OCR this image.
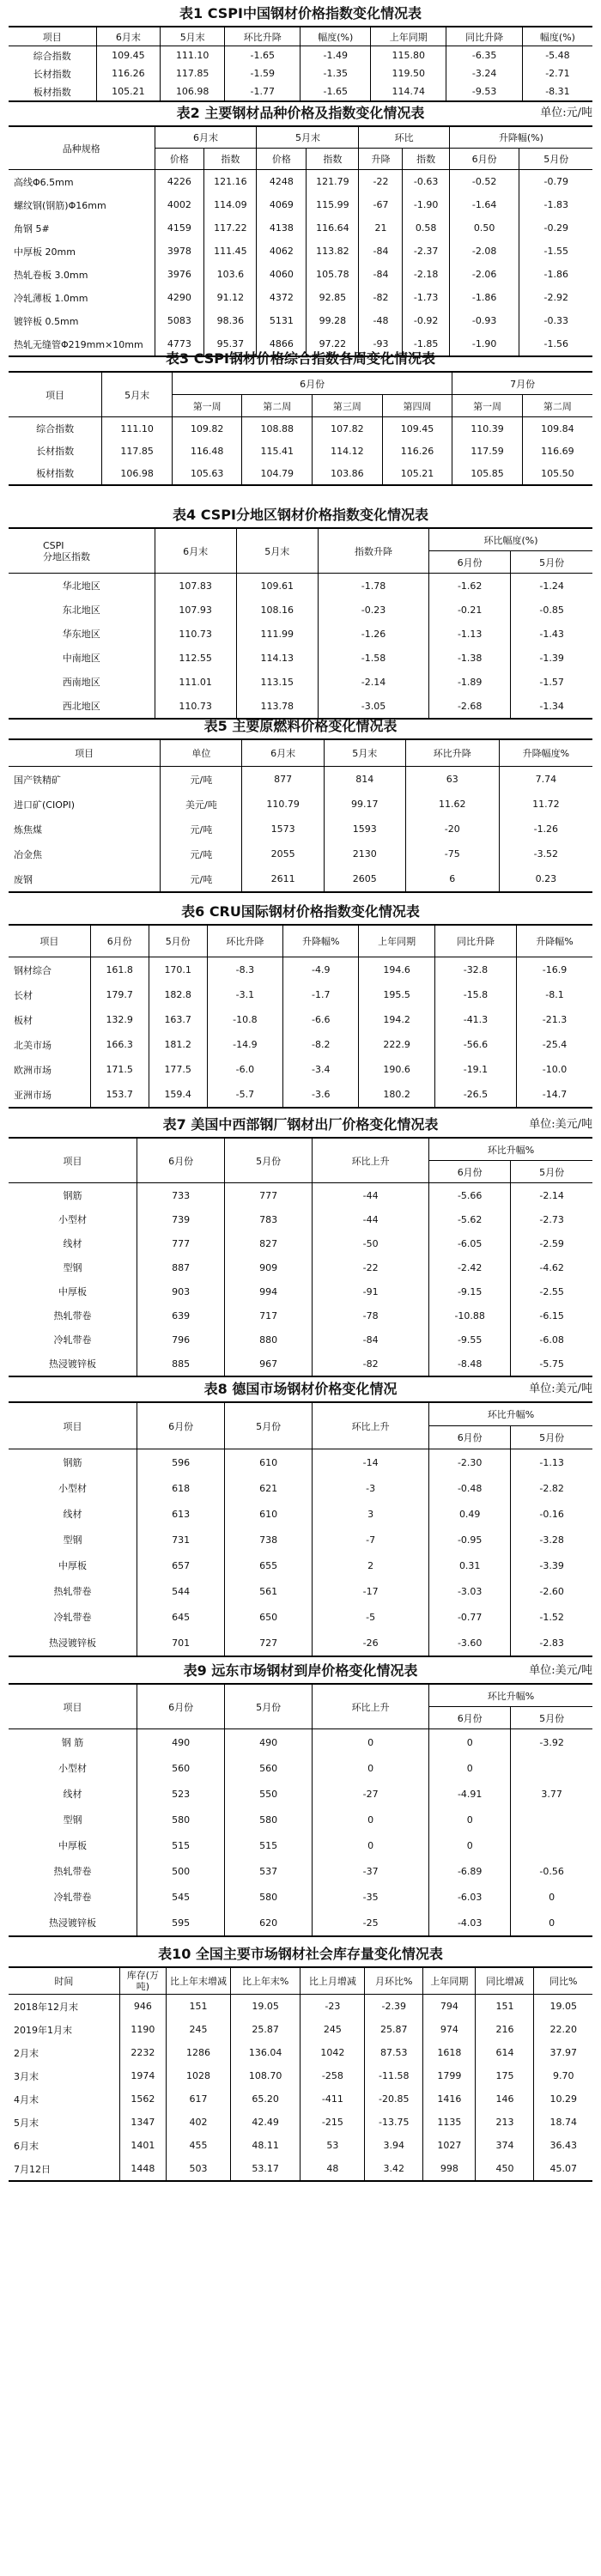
表1 CSPI中国钢材价格指数变化情况表
项目	6月末	5月末	环比升降	幅度(%)	上年同期	同比升降	幅度(%)
综合指数	109.45	111.10	-1.65	-1.49	115.80	-6.35	-5.48
长材指数	116.26	117.85	-1.59	-1.35	119.50	-3.24	-2.71
板材指数	105.21	106.98	-1.77	-1.65	114.74	-9.53	-8.31
表2 主要钢材品种价格及指数变化情况表	单位:元/吨
品种规格	6月末		5月末		环比		升降幅(%)	
	价格	指数	价格	指数	升降	指数	6月份	5月份
高线Φ6.5mm	4226	121.16	4248	121.79	-22	-0.63	-0.52	-0.79
螺纹钢(钢筋)Φ16mm	4002	114.09	4069	115.99	-67	-1.90	-1.64	-1.83
角钢 5#	4159	117.22	4138	116.64	21	0.58	0.50	-0.29
中厚板 20mm	3978	111.45	4062	113.82	-84	-2.37	-2.08	-1.55
热轧卷板 3.0mm	3976	103.6	4060	105.78	-84	-2.18	-2.06	-1.86
冷轧薄板 1.0mm	4290	91.12	4372	92.85	-82	-1.73	-1.86	-2.92
镀锌板 0.5mm	5083	98.36	5131	99.28	-48	-0.92	-0.93	-0.33
热轧无缝管Φ219mm×10mm	4773	95.37	4866	97.22	-93	-1.85	-1.90	-1.56
表3 CSPI钢材价格综合指数各周变化情况表
项目	5月末	6月份				7月份	
		第一周	第二周	第三周	第四周	第一周	第二周
综合指数	111.10	109.82	108.88	107.82	109.45	110.39	109.84
长材指数	117.85	116.48	115.41	114.12	116.26	117.59	116.69
板材指数	106.98	105.63	104.79	103.86	105.21	105.85	105.50
表4 CSPI分地区钢材价格指数变化情况表
CSPI
分地区指数	6月末	5月末	指数升降	环比幅度(%)	
				6月份	5月份
华北地区	107.83	109.61	-1.78	-1.62	-1.24
东北地区	107.93	108.16	-0.23	-0.21	-0.85
华东地区	110.73	111.99	-1.26	-1.13	-1.43
中南地区	112.55	114.13	-1.58	-1.38	-1.39
西南地区	111.01	113.15	-2.14	-1.89	-1.57
西北地区	110.73	113.78	-3.05	-2.68	-1.34
表5 主要原燃料价格变化情况表
项目	单位	6月末	5月末	环比升降	升降幅度%
国产铁精矿	元/吨	877	814	63	7.74
进口矿(CIOPI)	美元/吨	110.79	99.17	11.62	11.72
炼焦煤	元/吨	1573	1593	-20	-1.26
冶金焦	元/吨	2055	2130	-75	-3.52
废钢	元/吨	2611	2605	6	0.23
表6 CRU国际钢材价格指数变化情况表
项目	6月份	5月份	环比升降	升降幅%	上年同期	同比升降	升降幅%
钢材综合	161.8	170.1	-8.3	-4.9	194.6	-32.8	-16.9
长材	179.7	182.8	-3.1	-1.7	195.5	-15.8	-8.1
板材	132.9	163.7	-10.8	-6.6	194.2	-41.3	-21.3
北美市场	166.3	181.2	-14.9	-8.2	222.9	-56.6	-25.4
欧洲市场	171.5	177.5	-6.0	-3.4	190.6	-19.1	-10.0
亚洲市场	153.7	159.4	-5.7	-3.6	180.2	-26.5	-14.7
表7 美国中西部钢厂钢材出厂价格变化情况表	单位:美元/吨
项目	6月份	5月份	环比上升	环比升幅%	
				6月份	5月份
钢筋	733	777	-44	-5.66	-2.14
小型材	739	783	-44	-5.62	-2.73
线材	777	827	-50	-6.05	-2.59
型钢	887	909	-22	-2.42	-4.62
中厚板	903	994	-91	-9.15	-2.55
热轧带卷	639	717	-78	-10.88	-6.15
冷轧带卷	796	880	-84	-9.55	-6.08
热浸镀锌板	885	967	-82	-8.48	-5.75
表8 德国市场钢材价格变化情况	单位:美元/吨
项目	6月份	5月份	环比上升	环比升幅%	
				6月份	5月份
钢筋	596	610	-14	-2.30	-1.13
小型材	618	621	-3	-0.48	-2.82
线材	613	610	3	0.49	-0.16
型钢	731	738	-7	-0.95	-3.28
中厚板	657	655	2	0.31	-3.39
热轧带卷	544	561	-17	-3.03	-2.60
冷轧带卷	645	650	-5	-0.77	-1.52
热浸镀锌板	701	727	-26	-3.60	-2.83
表9 远东市场钢材到岸价格变化情况表	单位:美元/吨
项目	6月份	5月份	环比上升	环比升幅%	
				6月份	5月份
钢 筋	490	490	0	0	-3.92
小型材	560	560	0	0	
线材	523	550	-27	-4.91	3.77
型钢	580	580	0	0	
中厚板	515	515	0	0	
热轧带卷	500	537	-37	-6.89	-0.56
冷轧带卷	545	580	-35	-6.03	0
热浸镀锌板	595	620	-25	-4.03	0
表10 全国主要市场钢材社会库存量变化情况表
时间	库存(万吨)	比上年末增减	比上年末%	比上月增减	月环比%	上年同期	同比增减	同比%
2018年12月末	946	151	19.05	-23	-2.39	794	151	19.05
2019年1月末	1190	245	25.87	245	25.87	974	216	22.20
2月末	2232	1286	136.04	1042	87.53	1618	614	37.97
3月末	1974	1028	108.70	-258	-11.58	1799	175	9.70
4月末	1562	617	65.20	-411	-20.85	1416	146	10.29
5月末	1347	402	42.49	-215	-13.75	1135	213	18.74
6月末	1401	455	48.11	53	3.94	1027	374	36.43
7月12日	1448	503	53.17	48	3.42	998	450	45.07
